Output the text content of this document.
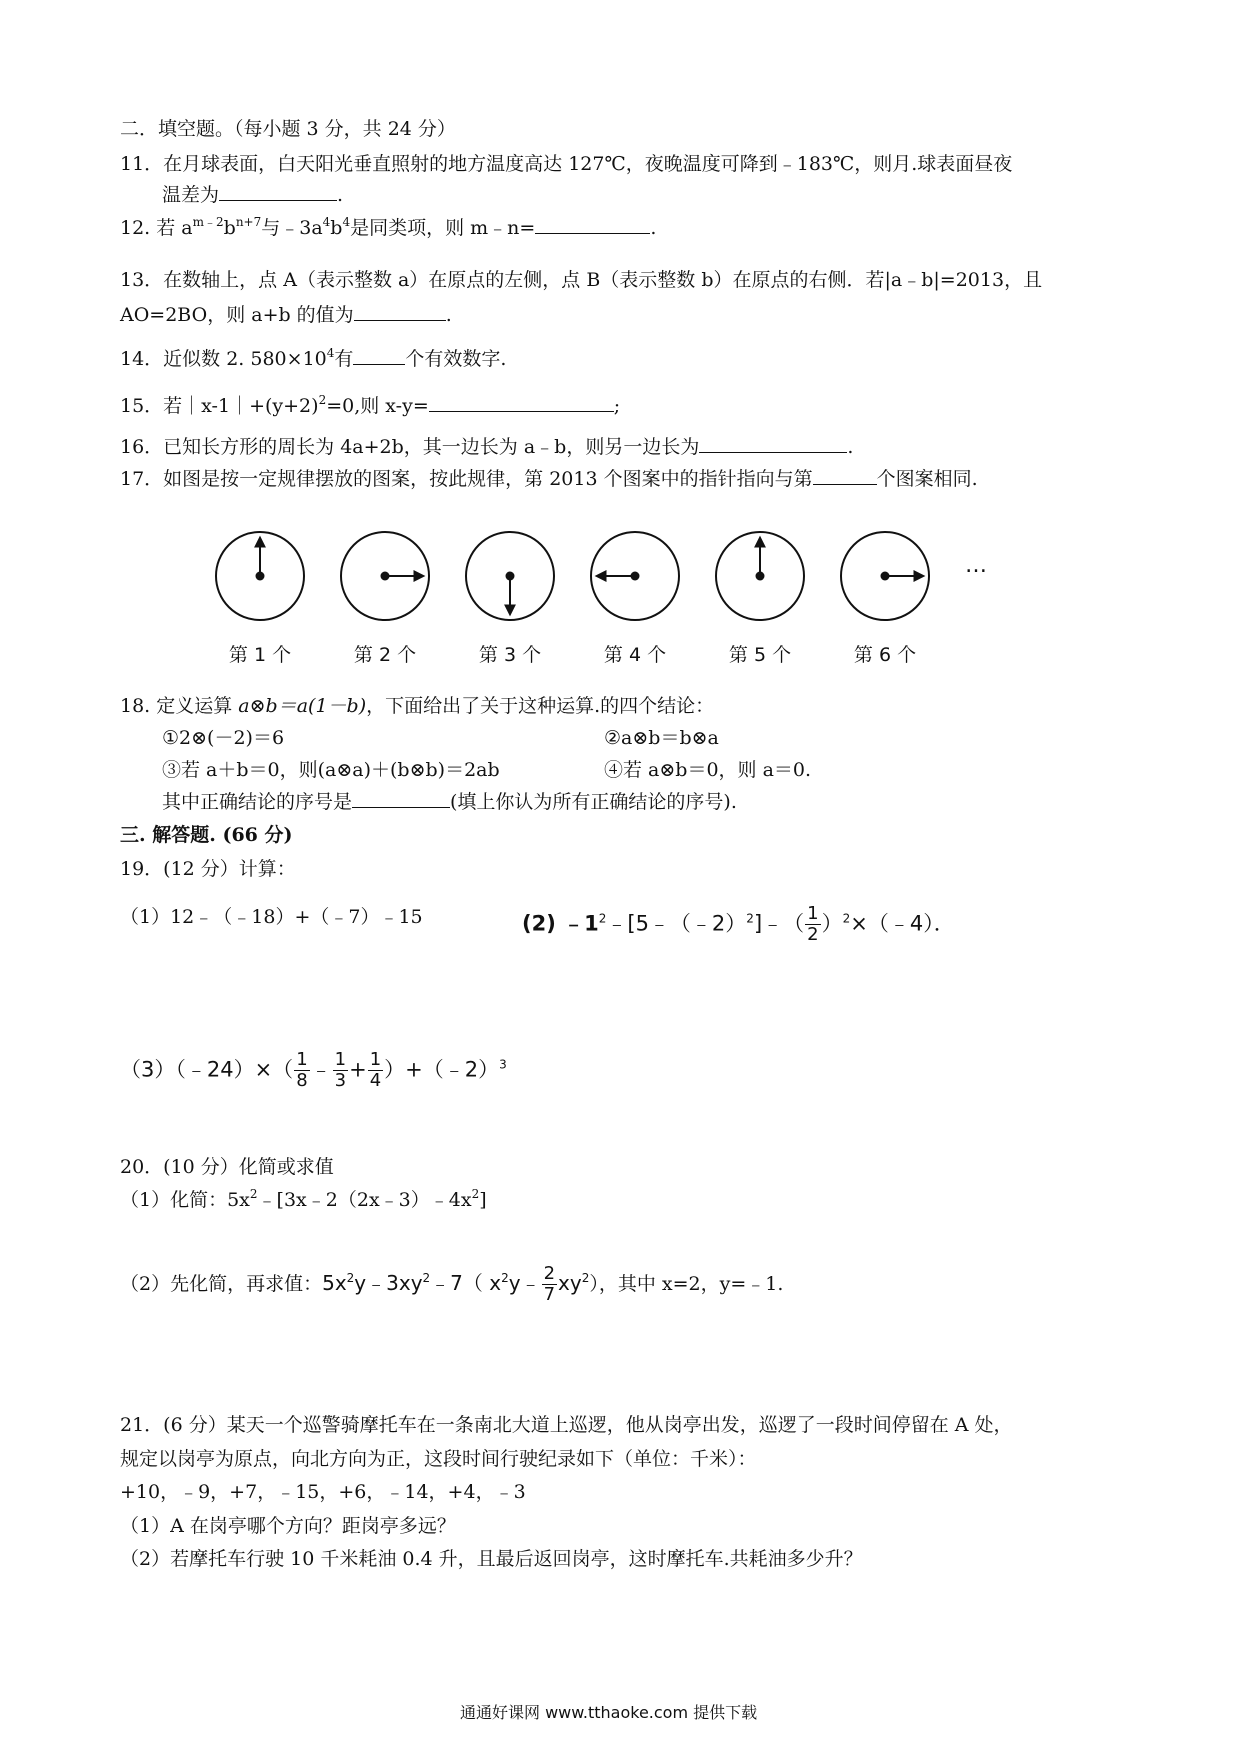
二．填空题。（每小题 3 分，共 24 分）
11．在月球表面，白天阳光垂直照射的地方温度高达 127℃，夜晚温度可降到﹣183℃，则月.球表面昼夜
温差为	.
12. 若 $a^{m﹣2}b^{n+7}$与$﹣3a^4b^4$是同类项，则 m﹣n=	.
13．在数轴上，点 A（表示整数 a）在原点的左侧，点 B（表示整数 b）在原点的右侧．若|a﹣b|=2013，且
AO=2BO，则 a+b 的值为	.
14．近似数 2. $580\times 10^4$有	个有效数字.
15．若$|x-1|+(y+2)^2=0$,则 x-y=	;
16．已知长方形的周长为 4a+2b，其一边长为 a﹣b，则另一边长为	.
17．如图是按一定规律摆放的图案，按此规律，第 2013 个图案中的指针指向与第	个图案相同.
第 1 个	第 2 个	第 3 个	第 4 个	第 5 个	第 6 个
…
18. 定义运算 a⊗b＝a(1－b)，下面给出了关于这种运算.的四个结论：
①2⊗(－2)＝6	②a⊗b＝b⊗a
③若 a＋b＝0，则(a⊗a)＋(b⊗b)＝2ab	④若 a⊗b＝0，则 a＝0.
其中正确结论的序号是	(填上你认为所有正确结论的序号).
三. 解答题. (66 分)
19．(12 分）计算：
（1）12﹣（﹣18）+（﹣7）﹣15	(2) $﹣1^2﹣[5﹣(﹣2)^2]﹣( \frac{1}{2}$ ）$^2$×（﹣4）．
（3）（﹣24）×（ $\frac{1}{8}$ ﹣ $\frac{1}{3} + \frac{1}{4}$ ）+（﹣2）$^3$
20．(10 分）化简或求值
（1）化简：$5x^2﹣[3x﹣2(2x﹣3)﹣4x^2]$
（2）先化简，再求值：$5x^2y﹣3xy^2﹣7$（ $x^2y﹣ \frac{2}{7} xy^2$），其中 x=2，y=﹣1.
21．(6 分）某天一个巡警骑摩托车在一条南北大道上巡逻，他从岗亭出发，巡逻了一段时间停留在 A 处，
规定以岗亭为原点，向北方向为正，这段时间行驶纪录如下（单位：千米）：
+10，﹣9，+7，﹣15，+6，﹣14，+4，﹣3
（1）A 在岗亭哪个方向？距岗亭多远？
（2）若摩托车行驶 10 千米耗油 0.4 升，且最后返回岗亭，这时摩托车.共耗油多少升？
通通好课网 www.tthaoke.com 提供下载
